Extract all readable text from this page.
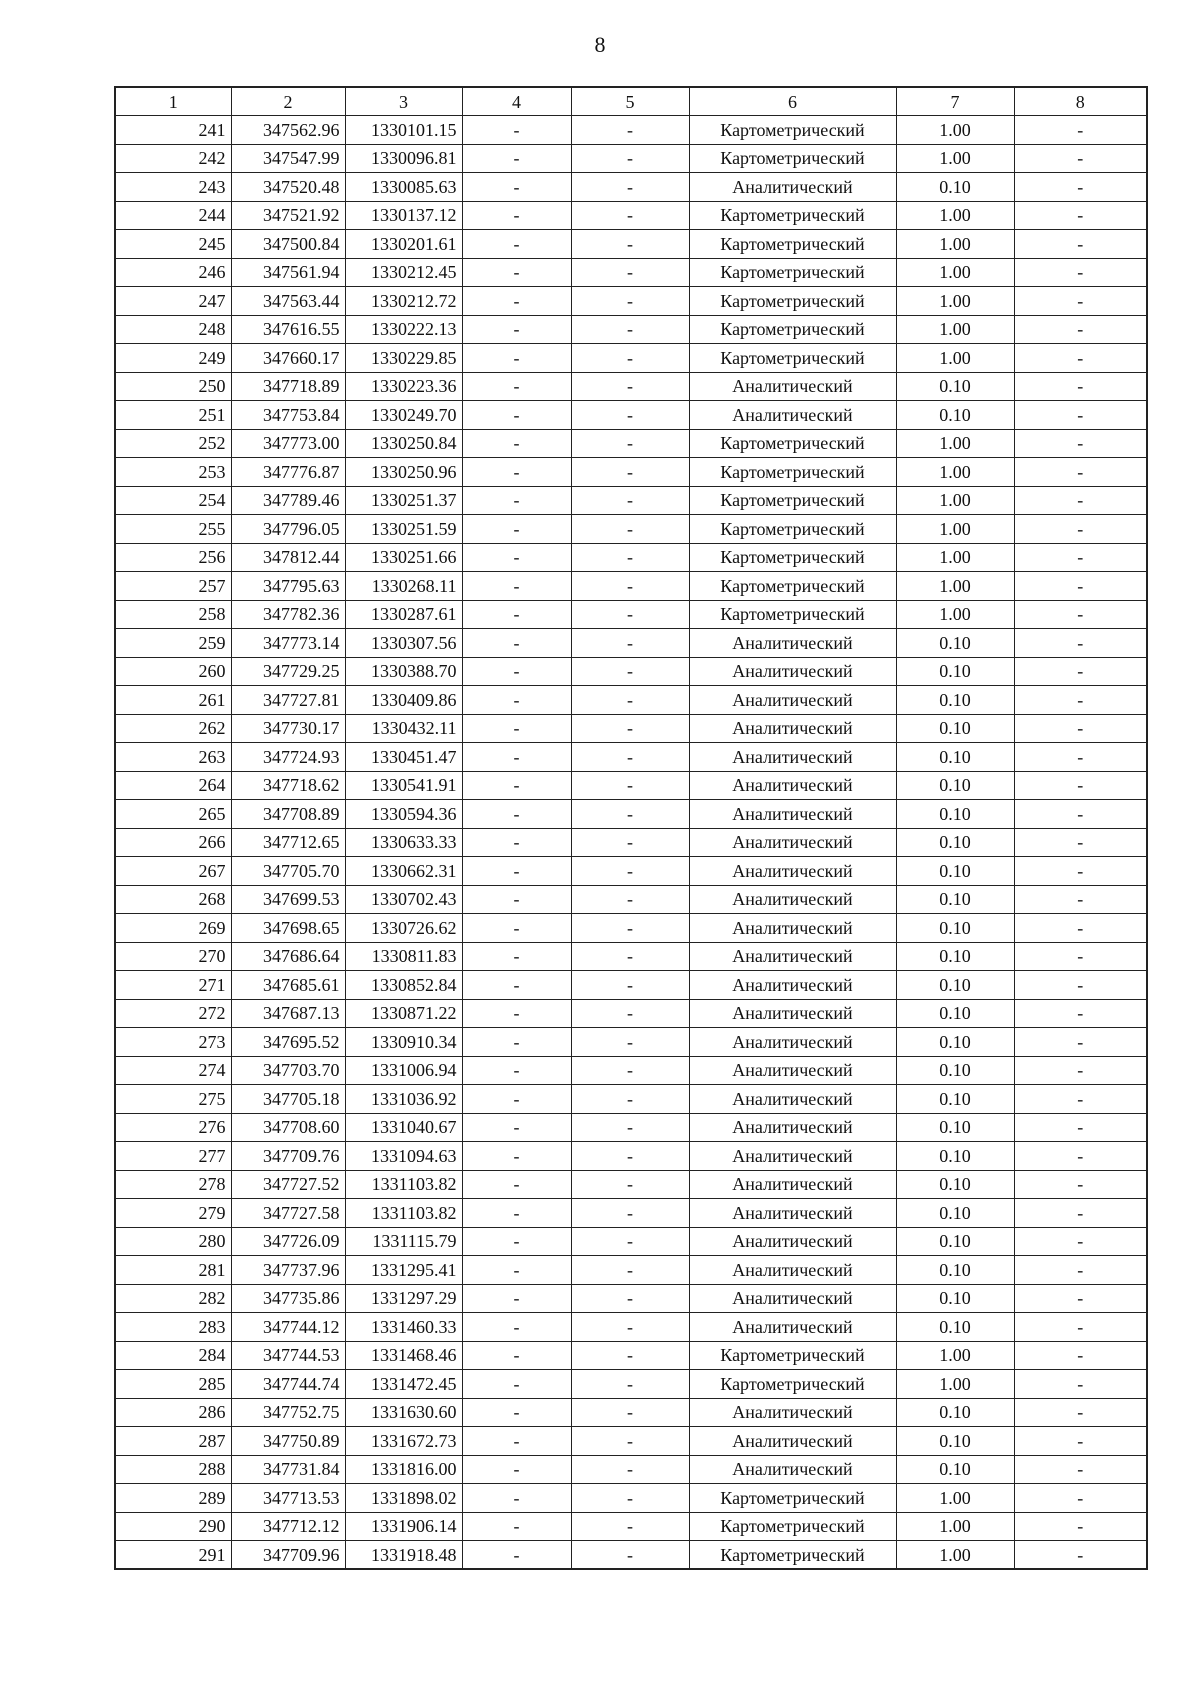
8
1	2	3	4	5	6	7	8
241	347562.96	1330101.15	-	-	Картометрический	1.00	-
242	347547.99	1330096.81	-	-	Картометрический	1.00	-
243	347520.48	1330085.63	-	-	Аналитический	0.10	-
244	347521.92	1330137.12	-	-	Картометрический	1.00	-
245	347500.84	1330201.61	-	-	Картометрический	1.00	-
246	347561.94	1330212.45	-	-	Картометрический	1.00	-
247	347563.44	1330212.72	-	-	Картометрический	1.00	-
248	347616.55	1330222.13	-	-	Картометрический	1.00	-
249	347660.17	1330229.85	-	-	Картометрический	1.00	-
250	347718.89	1330223.36	-	-	Аналитический	0.10	-
251	347753.84	1330249.70	-	-	Аналитический	0.10	-
252	347773.00	1330250.84	-	-	Картометрический	1.00	-
253	347776.87	1330250.96	-	-	Картометрический	1.00	-
254	347789.46	1330251.37	-	-	Картометрический	1.00	-
255	347796.05	1330251.59	-	-	Картометрический	1.00	-
256	347812.44	1330251.66	-	-	Картометрический	1.00	-
257	347795.63	1330268.11	-	-	Картометрический	1.00	-
258	347782.36	1330287.61	-	-	Картометрический	1.00	-
259	347773.14	1330307.56	-	-	Аналитический	0.10	-
260	347729.25	1330388.70	-	-	Аналитический	0.10	-
261	347727.81	1330409.86	-	-	Аналитический	0.10	-
262	347730.17	1330432.11	-	-	Аналитический	0.10	-
263	347724.93	1330451.47	-	-	Аналитический	0.10	-
264	347718.62	1330541.91	-	-	Аналитический	0.10	-
265	347708.89	1330594.36	-	-	Аналитический	0.10	-
266	347712.65	1330633.33	-	-	Аналитический	0.10	-
267	347705.70	1330662.31	-	-	Аналитический	0.10	-
268	347699.53	1330702.43	-	-	Аналитический	0.10	-
269	347698.65	1330726.62	-	-	Аналитический	0.10	-
270	347686.64	1330811.83	-	-	Аналитический	0.10	-
271	347685.61	1330852.84	-	-	Аналитический	0.10	-
272	347687.13	1330871.22	-	-	Аналитический	0.10	-
273	347695.52	1330910.34	-	-	Аналитический	0.10	-
274	347703.70	1331006.94	-	-	Аналитический	0.10	-
275	347705.18	1331036.92	-	-	Аналитический	0.10	-
276	347708.60	1331040.67	-	-	Аналитический	0.10	-
277	347709.76	1331094.63	-	-	Аналитический	0.10	-
278	347727.52	1331103.82	-	-	Аналитический	0.10	-
279	347727.58	1331103.82	-	-	Аналитический	0.10	-
280	347726.09	1331115.79	-	-	Аналитический	0.10	-
281	347737.96	1331295.41	-	-	Аналитический	0.10	-
282	347735.86	1331297.29	-	-	Аналитический	0.10	-
283	347744.12	1331460.33	-	-	Аналитический	0.10	-
284	347744.53	1331468.46	-	-	Картометрический	1.00	-
285	347744.74	1331472.45	-	-	Картометрический	1.00	-
286	347752.75	1331630.60	-	-	Аналитический	0.10	-
287	347750.89	1331672.73	-	-	Аналитический	0.10	-
288	347731.84	1331816.00	-	-	Аналитический	0.10	-
289	347713.53	1331898.02	-	-	Картометрический	1.00	-
290	347712.12	1331906.14	-	-	Картометрический	1.00	-
291	347709.96	1331918.48	-	-	Картометрический	1.00	-
